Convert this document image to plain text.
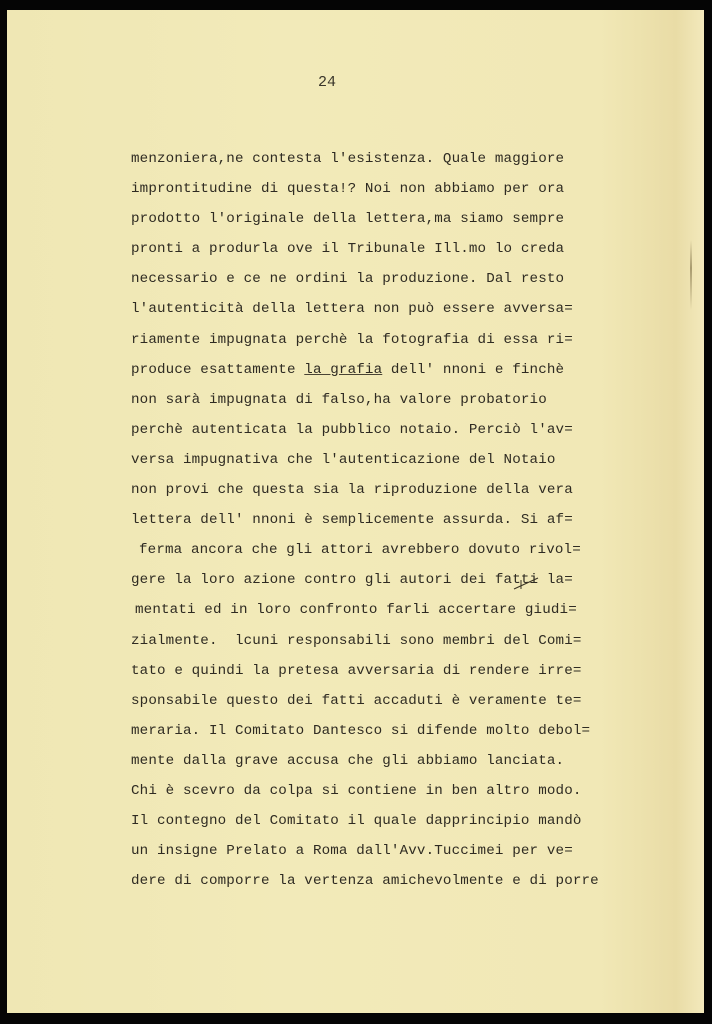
24
menzoniera,ne contesta l'esistenza. Quale maggiore
improntitudine di questa!? Noi non abbiamo per ora
prodotto l'originale della lettera,ma siamo sempre
pronti a produrla ove il Tribunale Ill.mo lo creda
necessario e ce ne ordini la produzione. Dal resto
l'autenticità della lettera non può essere avversa=
riamente impugnata perchè la fotografia di essa ri=
produce esattamente la grafia dell' nnoni e finchè
non sarà impugnata di falso,ha valore probatorio
perchè autenticata la pubblico notaio. Perciò l'av=
versa impugnativa che l'autenticazione del Notaio
non provi che questa sia la riproduzione della vera
lettera dell' nnoni è semplicemente assurda. Si af=
ferma ancora che gli attori avrebbero dovuto rivol=
gere la loro azione contro gli autori dei fatti la=
mentati ed in loro confronto farli accertare giudi=
zialmente.  lcuni responsabili sono membri del Comi=
tato e quindi la pretesa avversaria di rendere irre=
sponsabile questo dei fatti accaduti è veramente te=
meraria. Il Comitato Dantesco si difende molto debol=
mente dalla grave accusa che gli abbiamo lanciata.
Chi è scevro da colpa si contiene in ben altro modo.
Il contegno del Comitato il quale dapprincipio mandò
un insigne Prelato a Roma dall'Avv.Tuccimei per ve=
dere di comporre la vertenza amichevolmente e di porre
